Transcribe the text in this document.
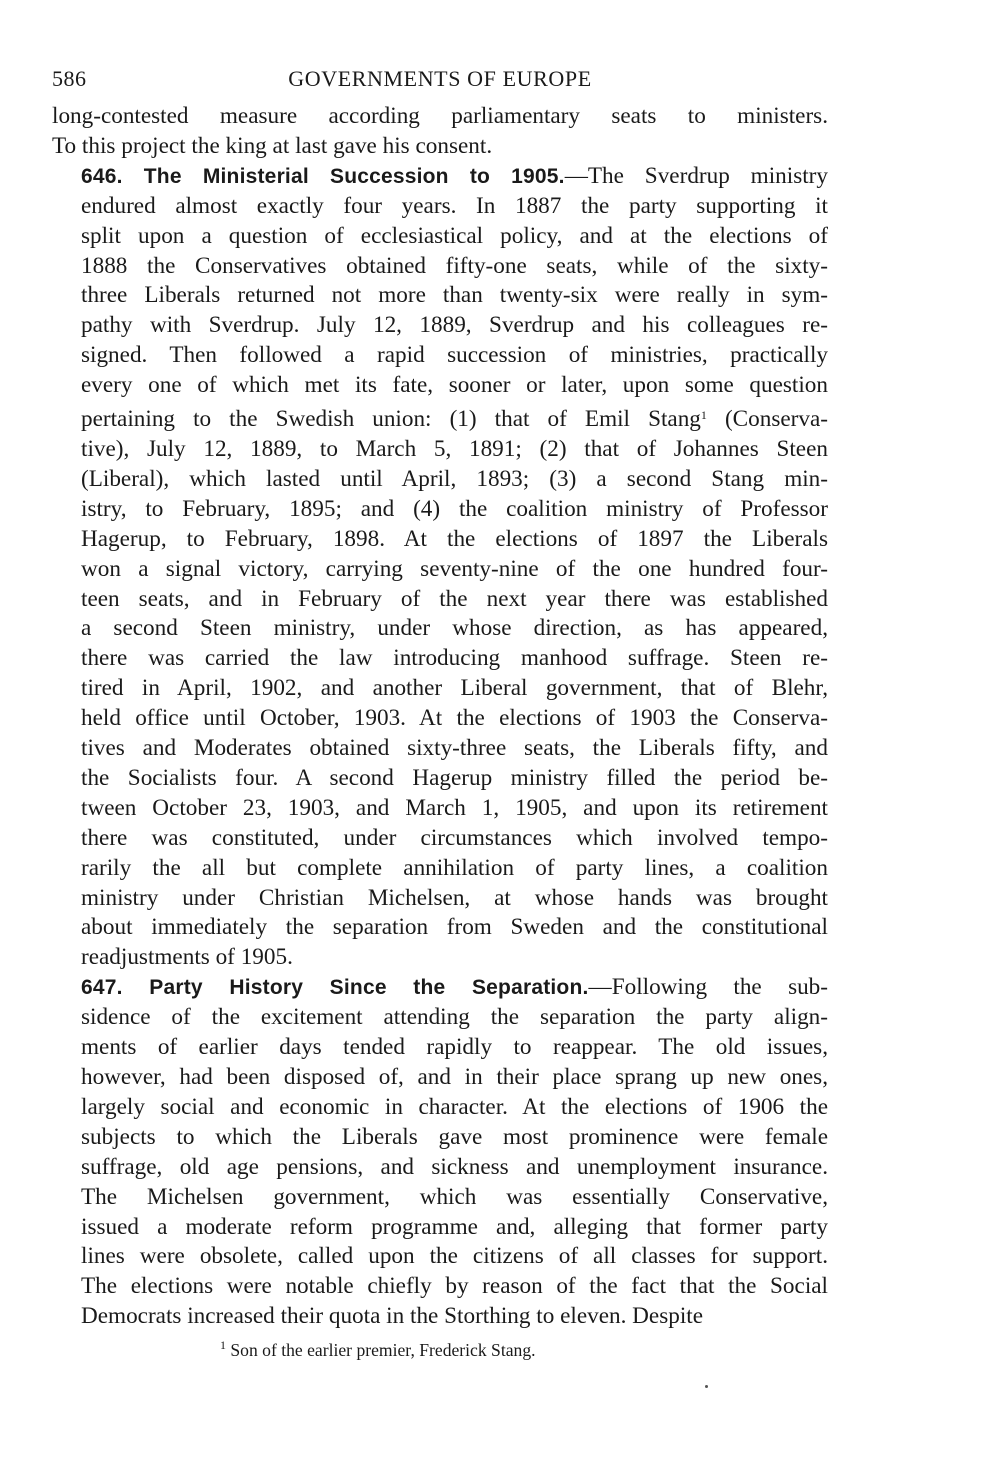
586	GOVERNMENTS OF EUROPE

long-contested measure according parliamentary seats to ministers.
To this project the king at last gave his consent.

646. The Ministerial Succession to 1905.—The Sverdrup ministry
endured almost exactly four years. In 1887 the party supporting it
split upon a question of ecclesiastical policy, and at the elections of
1888 the Conservatives obtained fifty-one seats, while of the sixty-
three Liberals returned not more than twenty-six were really in sym-
pathy with Sverdrup. July 12, 1889, Sverdrup and his colleagues re-
signed. Then followed a rapid succession of ministries, practically
every one of which met its fate, sooner or later, upon some question
pertaining to the Swedish union: (1) that of Emil Stang$^1$ (Conserva-
tive), July 12, 1889, to March 5, 1891; (2) that of Johannes Steen
(Liberal), which lasted until April, 1893; (3) a second Stang min-
istry, to February, 1895; and (4) the coalition ministry of Professor
Hagerup, to February, 1898. At the elections of 1897 the Liberals
won a signal victory, carrying seventy-nine of the one hundred four-
teen seats, and in February of the next year there was established
a second Steen ministry, under whose direction, as has appeared,
there was carried the law introducing manhood suffrage. Steen re-
tired in April, 1902, and another Liberal government, that of Blehr,
held office until October, 1903. At the elections of 1903 the Conserva-
tives and Moderates obtained sixty-three seats, the Liberals fifty, and
the Socialists four. A second Hagerup ministry filled the period be-
tween October 23, 1903, and March 1, 1905, and upon its retirement
there was constituted, under circumstances which involved tempo-
rarily the all but complete annihilation of party lines, a coalition
ministry under Christian Michelsen, at whose hands was brought
about immediately the separation from Sweden and the constitutional
readjustments of 1905.

647. Party History Since the Separation.—Following the sub-
sidence of the excitement attending the separation the party align-
ments of earlier days tended rapidly to reappear. The old issues,
however, had been disposed of, and in their place sprang up new ones,
largely social and economic in character. At the elections of 1906 the
subjects to which the Liberals gave most prominence were female
suffrage, old age pensions, and sickness and unemployment insurance.
The Michelsen government, which was essentially Conservative,
issued a moderate reform programme and, alleging that former party
lines were obsolete, called upon the citizens of all classes for support.
The elections were notable chiefly by reason of the fact that the Social
Democrats increased their quota in the Storthing to eleven. Despite

$^1$ Son of the earlier premier, Frederick Stang.
